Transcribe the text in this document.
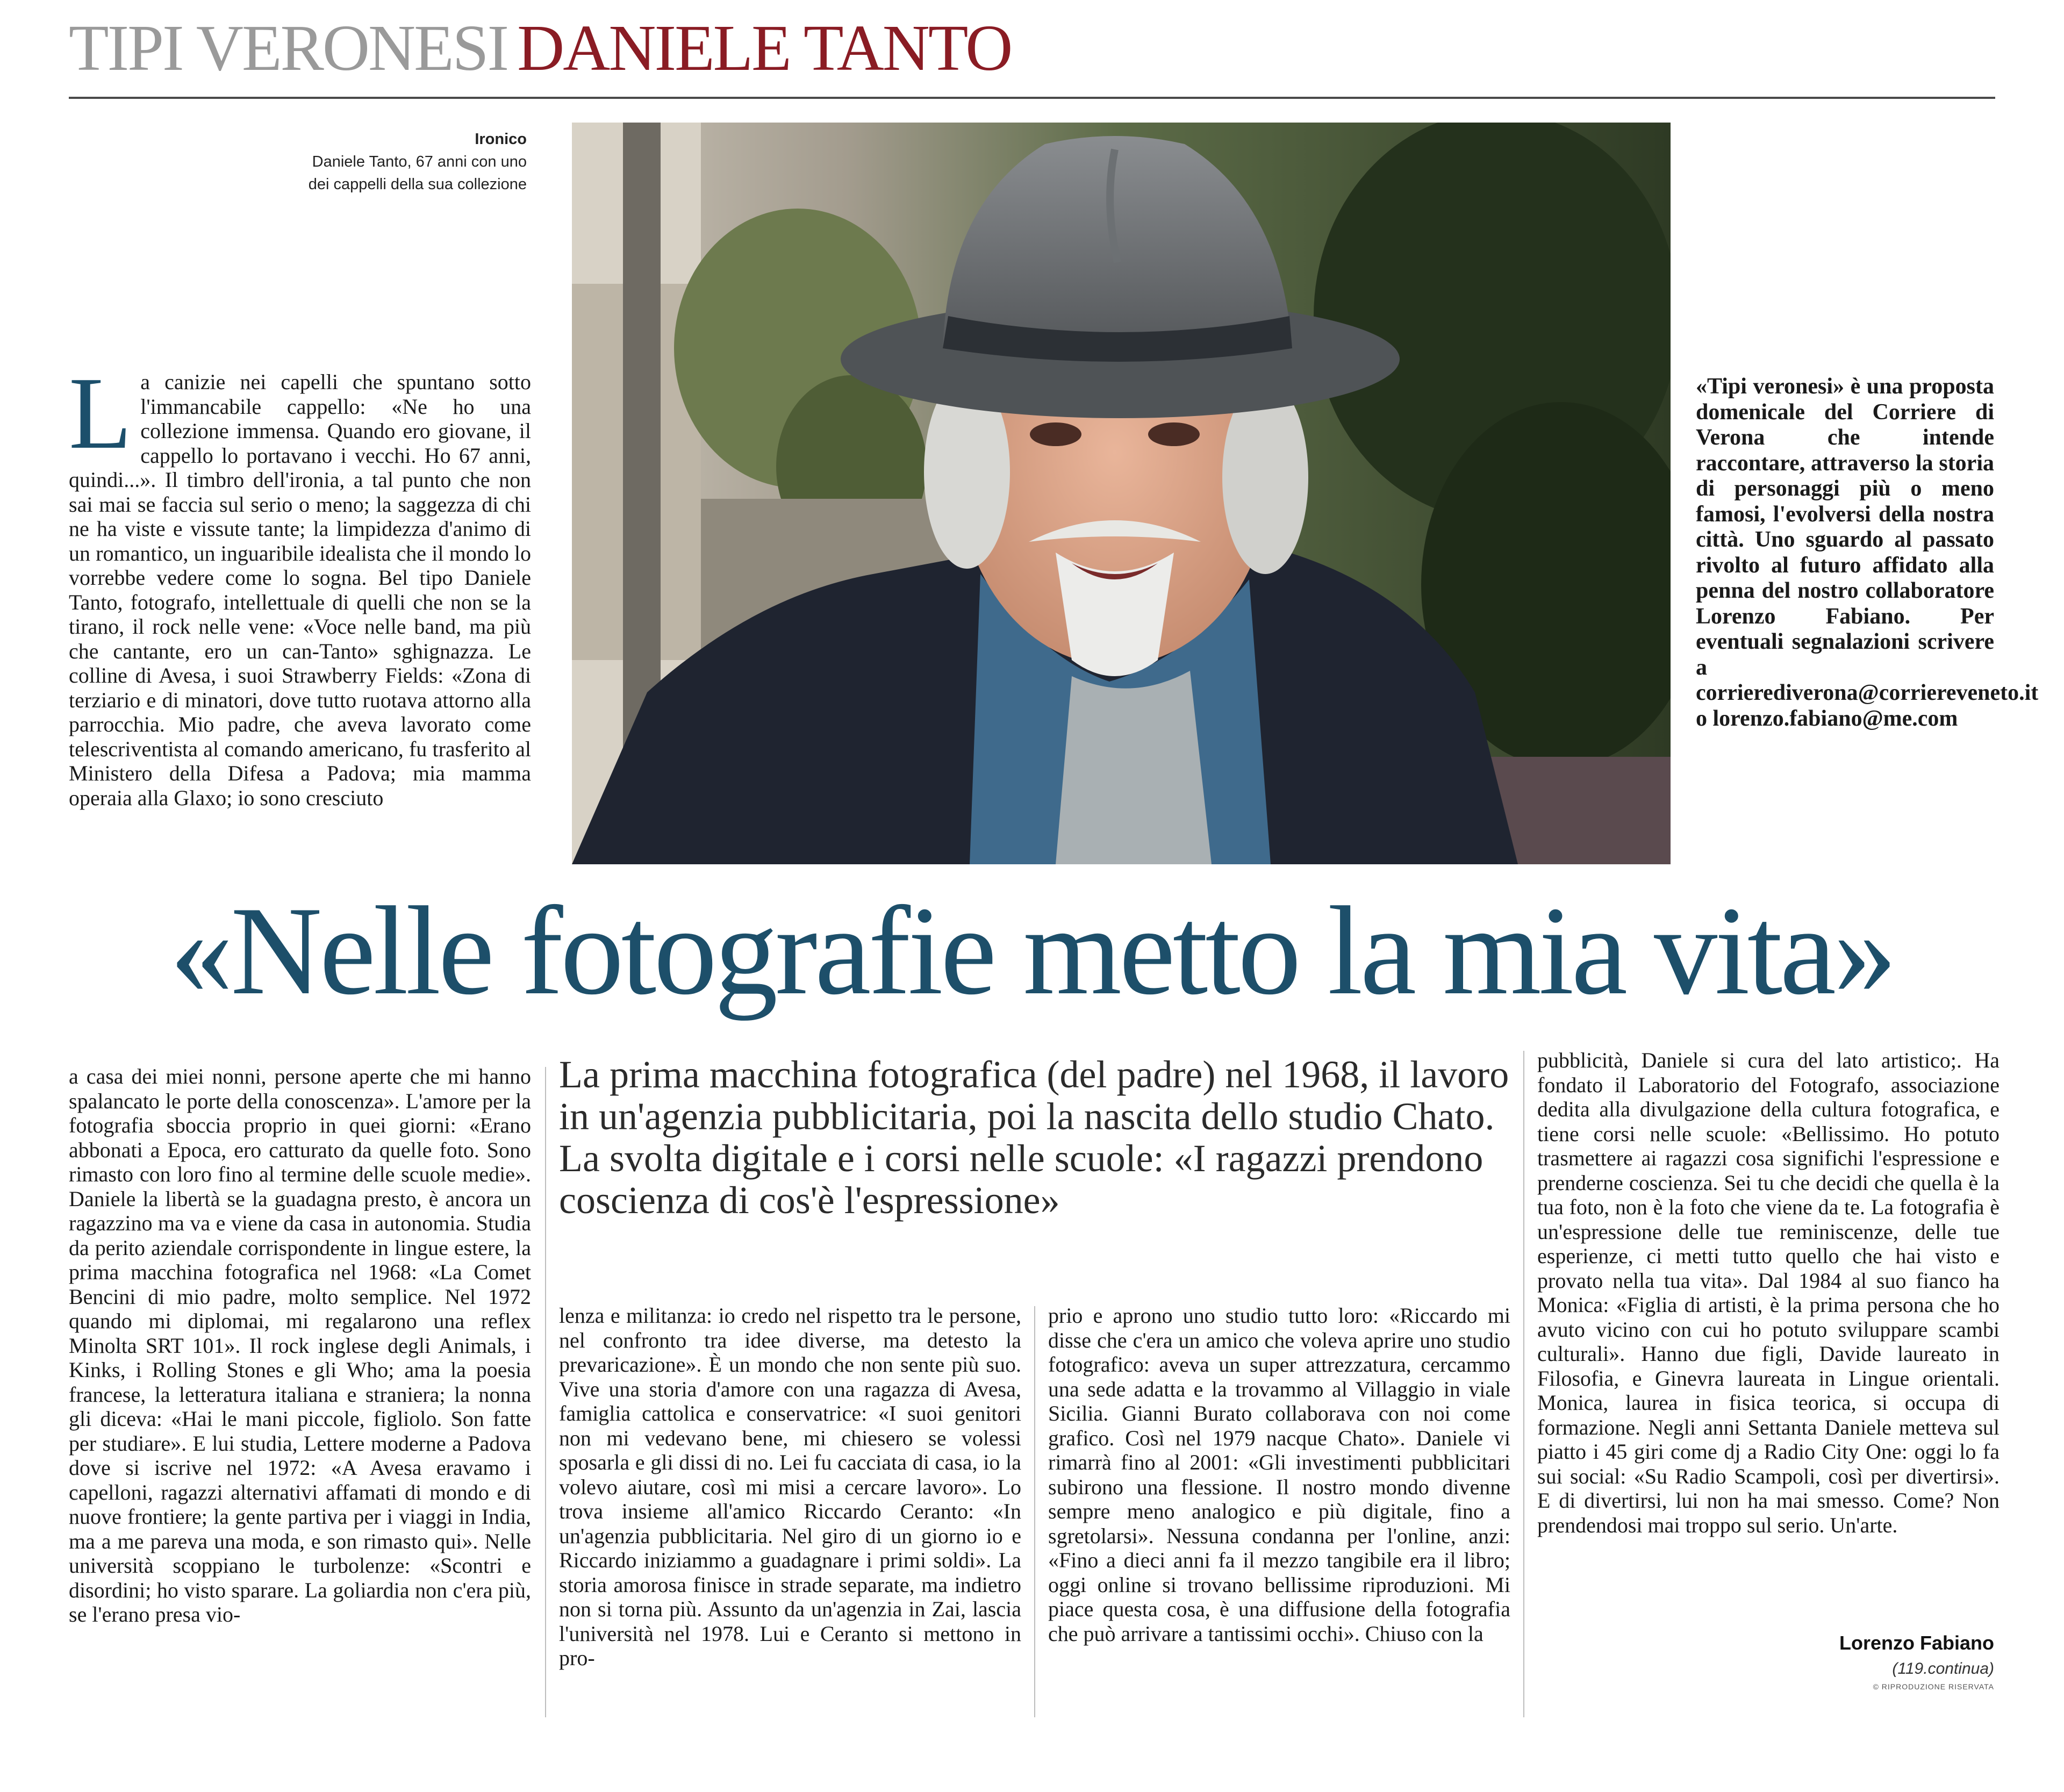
TIPI VERONESI DANIELE TANTO
Ironico
Daniele Tanto, 67 anni con uno dei cappelli della sua collezione
La canizie nei capelli che spuntano sotto l'immancabile cappello: «Ne ho una collezione immensa. Quando ero giovane, il cappello lo portavano i vecchi. Ho 67 anni, quindi...». Il timbro dell'ironia, a tal punto che non sai mai se faccia sul serio o meno; la saggezza di chi ne ha viste e vissute tante; la limpidezza d'animo di un romantico, un inguaribile idealista che il mondo lo vorrebbe vedere come lo sogna. Bel tipo Daniele Tanto, fotografo, intellettuale di quelli che non se la tirano, il rock nelle vene: «Voce nelle band, ma più che cantante, ero un can-Tanto» sghignazza. Le colline di Avesa, i suoi Strawberry Fields: «Zona di terziario e di minatori, dove tutto ruotava attorno alla parrocchia. Mio padre, che aveva lavorato come telescriventista al comando americano, fu trasferito al Ministero della Difesa a Padova; mia mamma operaia alla Glaxo; io sono cresciuto
«Tipi veronesi» è una proposta domenicale del Corriere di Verona che intende raccontare, attraverso la storia di personaggi più o meno famosi, l'evolversi della nostra città. Uno sguardo al passato rivolto al futuro affidato alla penna del nostro collaboratore Lorenzo Fabiano. Per eventuali segnalazioni scrivere a corrierediverona@corriereveneto.it o lorenzo.fabiano@me.com
«Nelle fotografie metto la mia vita»
La prima macchina fotografica (del padre) nel 1968, il lavoro in un'agenzia pubblicitaria, poi la nascita dello studio Chato. La svolta digitale e i corsi nelle scuole: «I ragazzi prendono coscienza di cos'è l'espressione»
a casa dei miei nonni, persone aperte che mi hanno spalancato le porte della conoscenza». L'amore per la fotografia sboccia proprio in quei giorni: «Erano abbonati a Epoca, ero catturato da quelle foto. Sono rimasto con loro fino al termine delle scuole medie». Daniele la libertà se la guadagna presto, è ancora un ragazzino ma va e viene da casa in autonomia. Studia da perito aziendale corrispondente in lingue estere, la prima macchina fotografica nel 1968: «La Comet Bencini di mio padre, molto semplice. Nel 1972 quando mi diplomai, mi regalarono una reflex Minolta SRT 101». Il rock inglese degli Animals, i Kinks, i Rolling Stones e gli Who; ama la poesia francese, la letteratura italiana e straniera; la nonna gli diceva: «Hai le mani piccole, figliolo. Son fatte per studiare». E lui studia, Lettere moderne a Padova dove si iscrive nel 1972: «A Avesa eravamo i capelloni, ragazzi alternativi affamati di mondo e di nuove frontiere; la gente partiva per i viaggi in India, ma a me pareva una moda, e son rimasto qui». Nelle università scoppiano le turbolenze: «Scontri e disordini; ho visto sparare. La goliardia non c'era più, se l'erano presa vio-
lenza e militanza: io credo nel rispetto tra le persone, nel confronto tra idee diverse, ma detesto la prevaricazione». È un mondo che non sente più suo. Vive una storia d'amore con una ragazza di Avesa, famiglia cattolica e conservatrice: «I suoi genitori non mi vedevano bene, mi chiesero se volessi sposarla e gli dissi di no. Lei fu cacciata di casa, io la volevo aiutare, così mi misi a cercare lavoro». Lo trova insieme all'amico Riccardo Ceranto: «In un'agenzia pubblicitaria. Nel giro di un giorno io e Riccardo iniziammo a guadagnare i primi soldi». La storia amorosa finisce in strade separate, ma indietro non si torna più. Assunto da un'agenzia in Zai, lascia l'università nel 1978. Lui e Ceranto si mettono in pro-
prio e aprono uno studio tutto loro: «Riccardo mi disse che c'era un amico che voleva aprire uno studio fotografico: aveva un super attrezzatura, cercammo una sede adatta e la trovammo al Villaggio in viale Sicilia. Gianni Burato collaborava con noi come grafico. Così nel 1979 nacque Chato». Daniele vi rimarrà fino al 2001: «Gli investimenti pubblicitari subirono una flessione. Il nostro mondo divenne sempre meno analogico e più digitale, fino a sgretolarsi». Nessuna condanna per l'online, anzi: «Fino a dieci anni fa il mezzo tangibile era il libro; oggi online si trovano bellissime riproduzioni. Mi piace questa cosa, è una diffusione della fotografia che può arrivare a tantissimi occhi». Chiuso con la
pubblicità, Daniele si cura del lato artistico;. Ha fondato il Laboratorio del Fotografo, associazione dedita alla divulgazione della cultura fotografica, e tiene corsi nelle scuole: «Bellissimo. Ho potuto trasmettere ai ragazzi cosa significhi l'espressione e prenderne coscienza. Sei tu che decidi che quella è la tua foto, non è la foto che viene da te. La fotografia è un'espressione delle tue reminiscenze, delle tue esperienze, ci metti tutto quello che hai visto e provato nella tua vita». Dal 1984 al suo fianco ha Monica: «Figlia di artisti, è la prima persona che ho avuto vicino con cui ho potuto sviluppare scambi culturali». Hanno due figli, Davide laureato in Filosofia, e Ginevra laureata in Lingue orientali. Monica, laurea in fisica teorica, si occupa di formazione. Negli anni Settanta Daniele metteva sul piatto i 45 giri come dj a Radio City One: oggi lo fa sui social: «Su Radio Scampoli, così per divertirsi». E di divertirsi, lui non ha mai smesso. Come? Non prendendosi mai troppo sul serio. Un'arte.
Lorenzo Fabiano
(119.continua)
© RIPRODUZIONE RISERVATA
